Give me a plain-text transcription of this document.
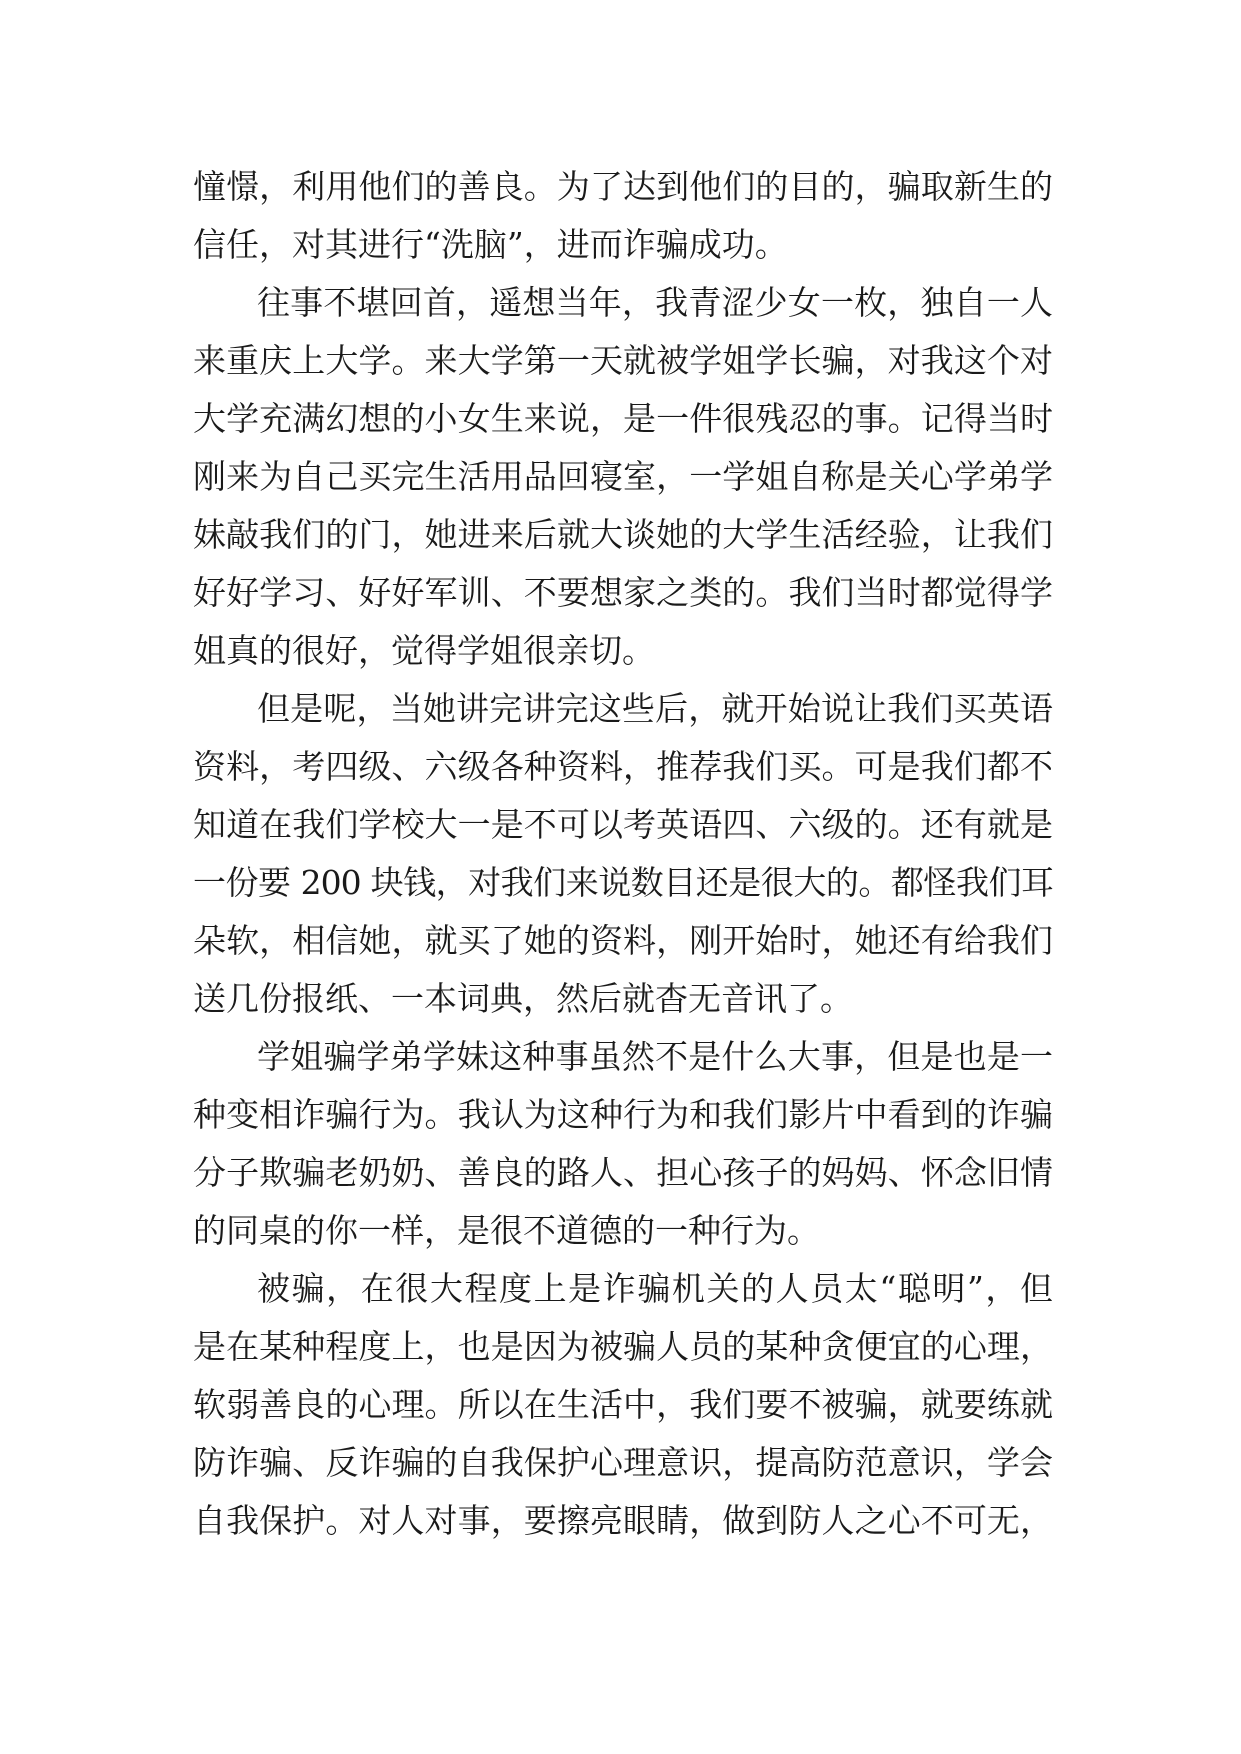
憧憬，利用他们的善良。为了达到他们的目的，骗取新生的
信任，对其进行“洗脑”，进而诈骗成功。
往事不堪回首，遥想当年，我青涩少女一枚，独自一人
来重庆上大学。来大学第一天就被学姐学长骗，对我这个对
大学充满幻想的小女生来说，是一件很残忍的事。记得当时
刚来为自己买完生活用品回寝室，一学姐自称是关心学弟学
妹敲我们的门，她进来后就大谈她的大学生活经验，让我们
好好学习、好好军训、不要想家之类的。我们当时都觉得学
姐真的很好，觉得学姐很亲切。
但是呢，当她讲完讲完这些后，就开始说让我们买英语
资料，考四级、六级各种资料，推荐我们买。可是我们都不
知道在我们学校大一是不可以考英语四、六级的。还有就是
一份要 200 块钱，对我们来说数目还是很大的。都怪我们耳
朵软，相信她，就买了她的资料，刚开始时，她还有给我们
送几份报纸、一本词典，然后就杳无音讯了。
学姐骗学弟学妹这种事虽然不是什么大事，但是也是一
种变相诈骗行为。我认为这种行为和我们影片中看到的诈骗
分子欺骗老奶奶、善良的路人、担心孩子的妈妈、怀念旧情
的同桌的你一样，是很不道德的一种行为。
被骗，在很大程度上是诈骗机关的人员太“聪明”，但
是在某种程度上，也是因为被骗人员的某种贪便宜的心理，
软弱善良的心理。所以在生活中，我们要不被骗，就要练就
防诈骗、反诈骗的自我保护心理意识，提高防范意识，学会
自我保护。对人对事，要擦亮眼睛，做到防人之心不可无，
